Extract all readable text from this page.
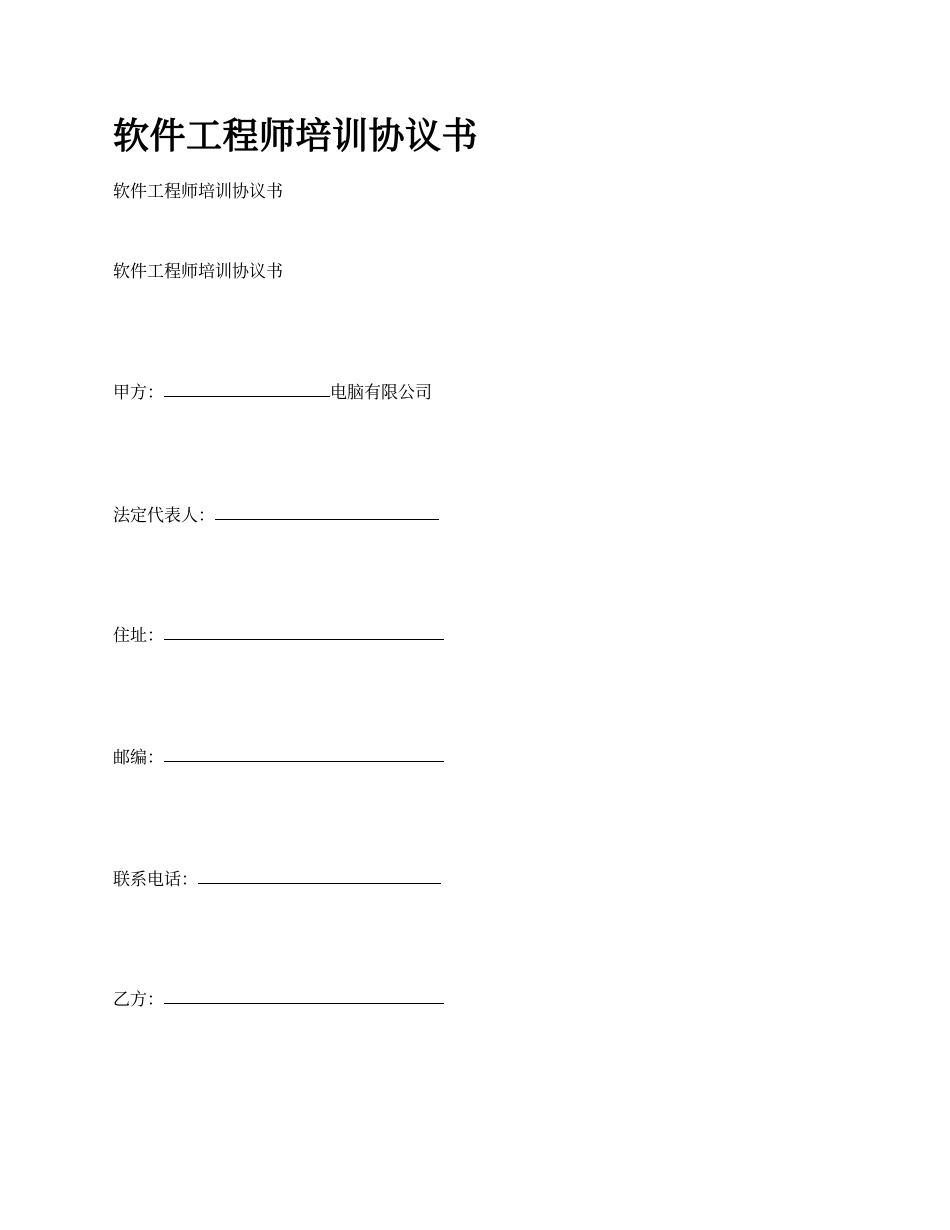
软件工程师培训协议书
软件工程师培训协议书
软件工程师培训协议书
甲方：	电脑有限公司
法定代表人：
住址：
邮编：
联系电话：
乙方：
